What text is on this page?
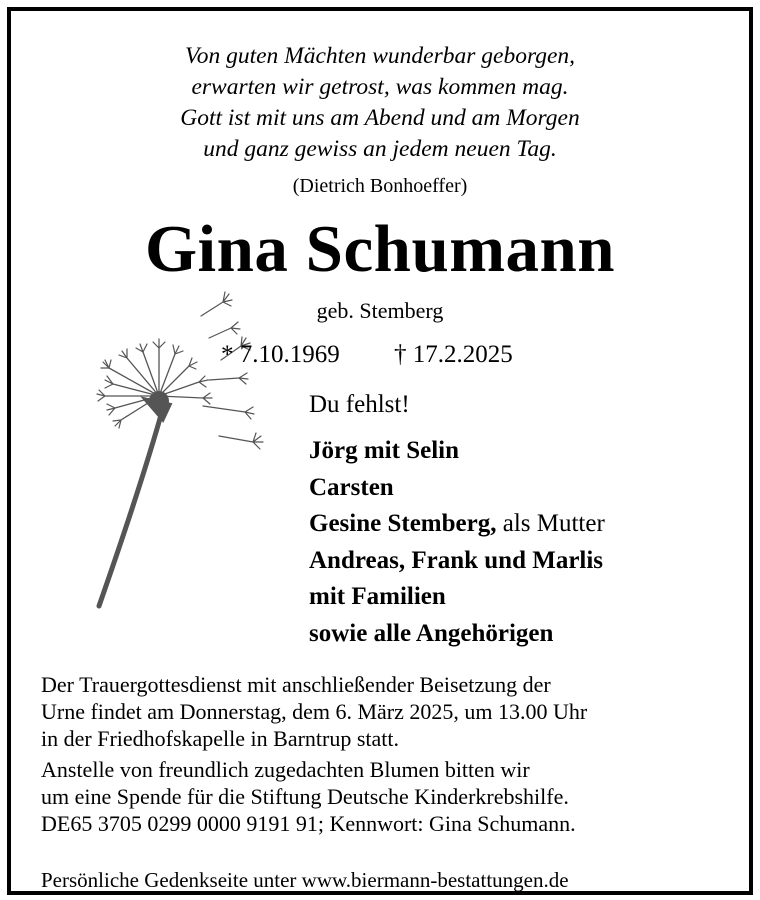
Von guten Mächten wunderbar geborgen,
erwarten wir getrost, was kommen mag.
Gott ist mit uns am Abend und am Morgen
und ganz gewiss an jedem neuen Tag.
(Dietrich Bonhoeffer)
Gina Schumann
geb. Stemberg
* 7.10.1969 † 17.2.2025
Du fehlst!
Jörg mit Selin
Carsten
Gesine Stemberg, als Mutter
Andreas, Frank und Marlis
mit Familien
sowie alle Angehörigen
Der Trauergottesdienst mit anschließender Beisetzung der
Urne findet am Donnerstag, dem 6. März 2025, um 13.00 Uhr
in der Friedhofskapelle in Barntrup statt.
Anstelle von freundlich zugedachten Blumen bitten wir
um eine Spende für die Stiftung Deutsche Kinderkrebshilfe.
DE65 3705 0299 0000 9191 91; Kennwort: Gina Schumann.
Persönliche Gedenkseite unter www.biermann-bestattungen.de
